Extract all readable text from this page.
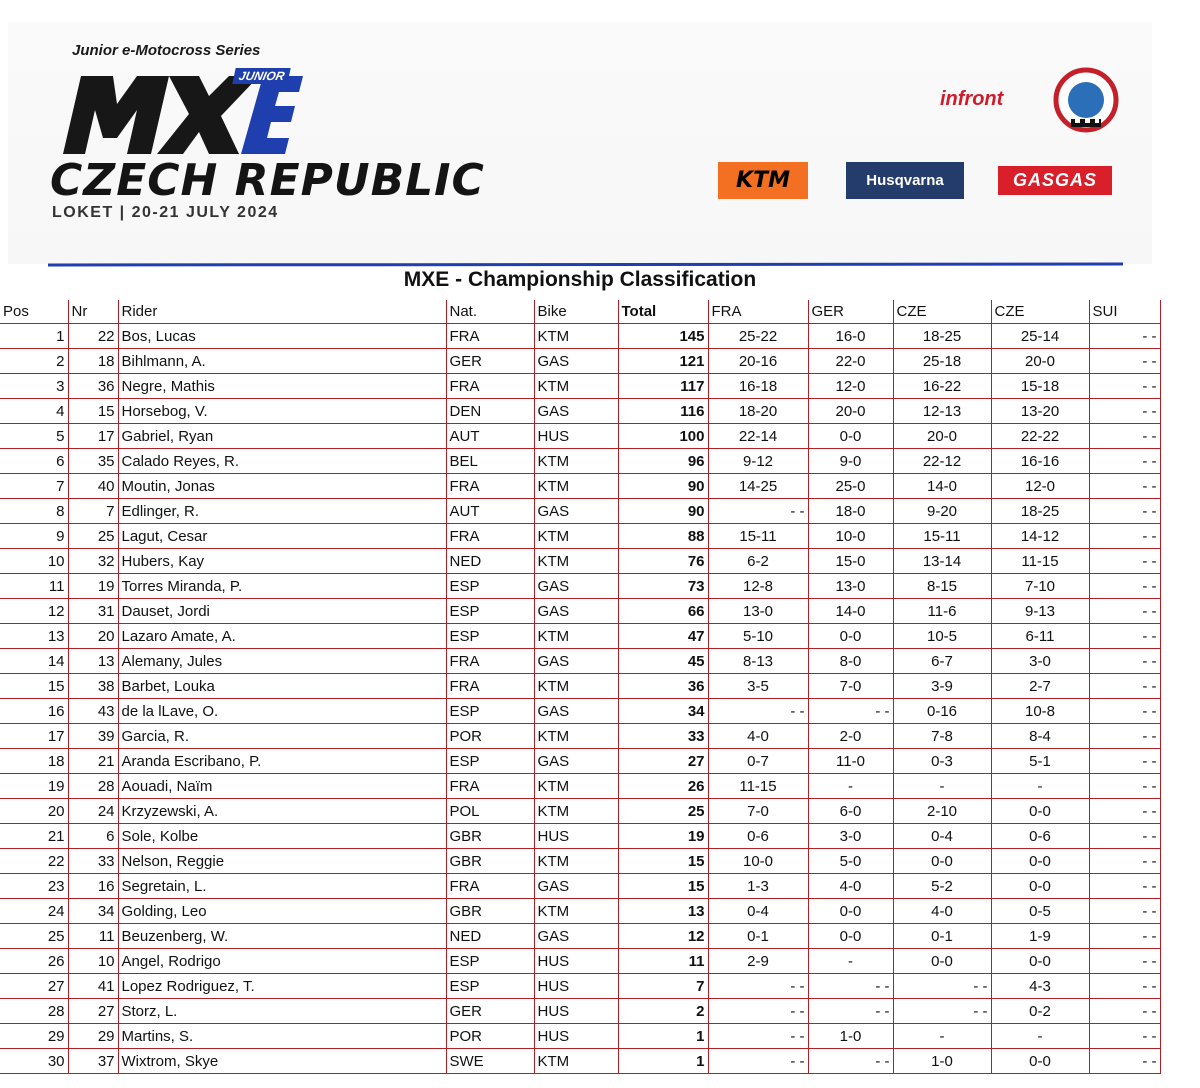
Junior e-Motocross Series
JUNIOR
CZECH REPUBLIC
LOKET | 20-21 JULY 2024
infront
KTM	Husqvarna	GASGAS
MXE - Championship Classification
Pos	Nr	Rider	Nat.	Bike	Total	FRA	GER	CZE	CZE	SUI
1	22	Bos, Lucas	FRA	KTM	145	25-22	16-0	18-25	25-14	- -
2	18	Bihlmann, A.	GER	GAS	121	20-16	22-0	25-18	20-0	- -
3	36	Negre, Mathis	FRA	KTM	117	16-18	12-0	16-22	15-18	- -
4	15	Horsebog, V.	DEN	GAS	116	18-20	20-0	12-13	13-20	- -
5	17	Gabriel, Ryan	AUT	HUS	100	22-14	0-0	20-0	22-22	- -
6	35	Calado Reyes, R.	BEL	KTM	96	9-12	9-0	22-12	16-16	- -
7	40	Moutin, Jonas	FRA	KTM	90	14-25	25-0	14-0	12-0	- -
8	7	Edlinger, R.	AUT	GAS	90	- -	18-0	9-20	18-25	- -
9	25	Lagut, Cesar	FRA	KTM	88	15-11	10-0	15-11	14-12	- -
10	32	Hubers, Kay	NED	KTM	76	6-2	15-0	13-14	11-15	- -
11	19	Torres Miranda, P.	ESP	GAS	73	12-8	13-0	8-15	7-10	- -
12	31	Dauset, Jordi	ESP	GAS	66	13-0	14-0	11-6	9-13	- -
13	20	Lazaro Amate, A.	ESP	KTM	47	5-10	0-0	10-5	6-11	- -
14	13	Alemany, Jules	FRA	GAS	45	8-13	8-0	6-7	3-0	- -
15	38	Barbet, Louka	FRA	KTM	36	3-5	7-0	3-9	2-7	- -
16	43	de la lLave, O.	ESP	GAS	34	- -	- -	0-16	10-8	- -
17	39	Garcia, R.	POR	KTM	33	4-0	2-0	7-8	8-4	- -
18	21	Aranda Escribano, P.	ESP	GAS	27	0-7	11-0	0-3	5-1	- -
19	28	Aouadi, Naïm	FRA	KTM	26	11-15	-	-	-	- -
20	24	Krzyzewski, A.	POL	KTM	25	7-0	6-0	2-10	0-0	- -
21	6	Sole, Kolbe	GBR	HUS	19	0-6	3-0	0-4	0-6	- -
22	33	Nelson, Reggie	GBR	KTM	15	10-0	5-0	0-0	0-0	- -
23	16	Segretain, L.	FRA	GAS	15	1-3	4-0	5-2	0-0	- -
24	34	Golding, Leo	GBR	KTM	13	0-4	0-0	4-0	0-5	- -
25	11	Beuzenberg, W.	NED	GAS	12	0-1	0-0	0-1	1-9	- -
26	10	Angel, Rodrigo	ESP	HUS	11	2-9	-	0-0	0-0	- -
27	41	Lopez Rodriguez, T.	ESP	HUS	7	- -	- -	- -	4-3	- -
28	27	Storz, L.	GER	HUS	2	- -	- -	- -	0-2	- -
29	29	Martins, S.	POR	HUS	1	- -	1-0	-	-	- -
30	37	Wixtrom, Skye	SWE	KTM	1	- -	- -	1-0	0-0	- -
